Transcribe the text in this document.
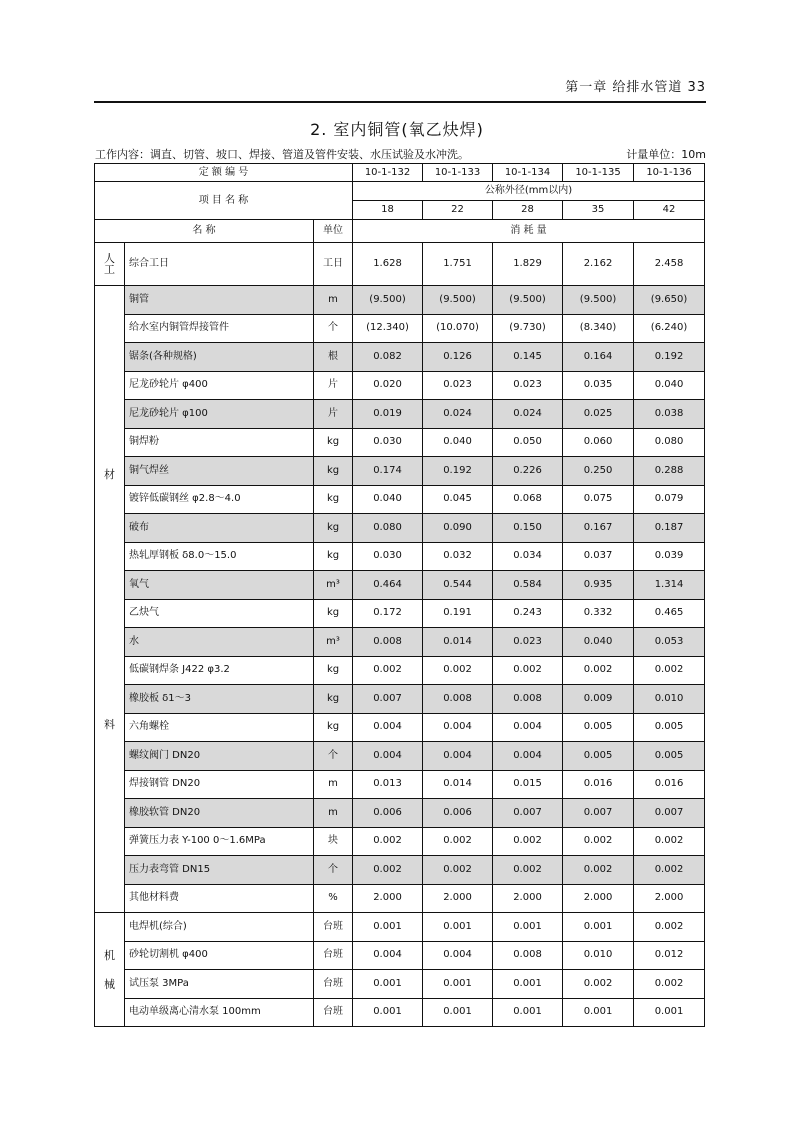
第一章 给排水管道 33
2. 室内铜管(氧乙炔焊)
工作内容：调直、切管、坡口、焊接、管道及管件安装、水压试验及水冲洗。	计量单位：10m
定 额 编 号			10-1-132	10-1-133	10-1-134	10-1-135	10-1-136
项 目 名 称			公称外径(mm以内)				
			18	22	28	35	42
名 称		单位	消 耗 量				

人
工	综合工日	工日	1.628	1.751	1.829	2.162	2.458

材
料	铜管	m	(9.500)	(9.500)	(9.500)	(9.500)	(9.650)
	给水室内铜管焊接管件	个	(12.340)	(10.070)	(9.730)	(8.340)	(6.240)
	锯条(各种规格)	根	0.082	0.126	0.145	0.164	0.192
	尼龙砂轮片 φ400	片	0.020	0.023	0.023	0.035	0.040
	尼龙砂轮片 φ100	片	0.019	0.024	0.024	0.025	0.038
	铜焊粉	kg	0.030	0.040	0.050	0.060	0.080
	铜气焊丝	kg	0.174	0.192	0.226	0.250	0.288
	镀锌低碳钢丝 φ2.8～4.0	kg	0.040	0.045	0.068	0.075	0.079
	破布	kg	0.080	0.090	0.150	0.167	0.187
	热轧厚钢板 δ8.0～15.0	kg	0.030	0.032	0.034	0.037	0.039
	氧气	m³	0.464	0.544	0.584	0.935	1.314
	乙炔气	kg	0.172	0.191	0.243	0.332	0.465
	水	m³	0.008	0.014	0.023	0.040	0.053
	低碳钢焊条 J422 φ3.2	kg	0.002	0.002	0.002	0.002	0.002
	橡胶板 δ1～3	kg	0.007	0.008	0.008	0.009	0.010
	六角螺栓	kg	0.004	0.004	0.004	0.005	0.005
	螺纹阀门 DN20	个	0.004	0.004	0.004	0.005	0.005
	焊接钢管 DN20	m	0.013	0.014	0.015	0.016	0.016
	橡胶软管 DN20	m	0.006	0.006	0.007	0.007	0.007
	弹簧压力表 Y-100 0～1.6MPa	块	0.002	0.002	0.002	0.002	0.002
	压力表弯管 DN15	个	0.002	0.002	0.002	0.002	0.002
	其他材料费	%	2.000	2.000	2.000	2.000	2.000

机
械	电焊机(综合)	台班	0.001	0.001	0.001	0.001	0.002
	砂轮切割机 φ400	台班	0.004	0.004	0.008	0.010	0.012
	试压泵 3MPa	台班	0.001	0.001	0.001	0.002	0.002
	电动单级离心清水泵 100mm	台班	0.001	0.001	0.001	0.001	0.001
